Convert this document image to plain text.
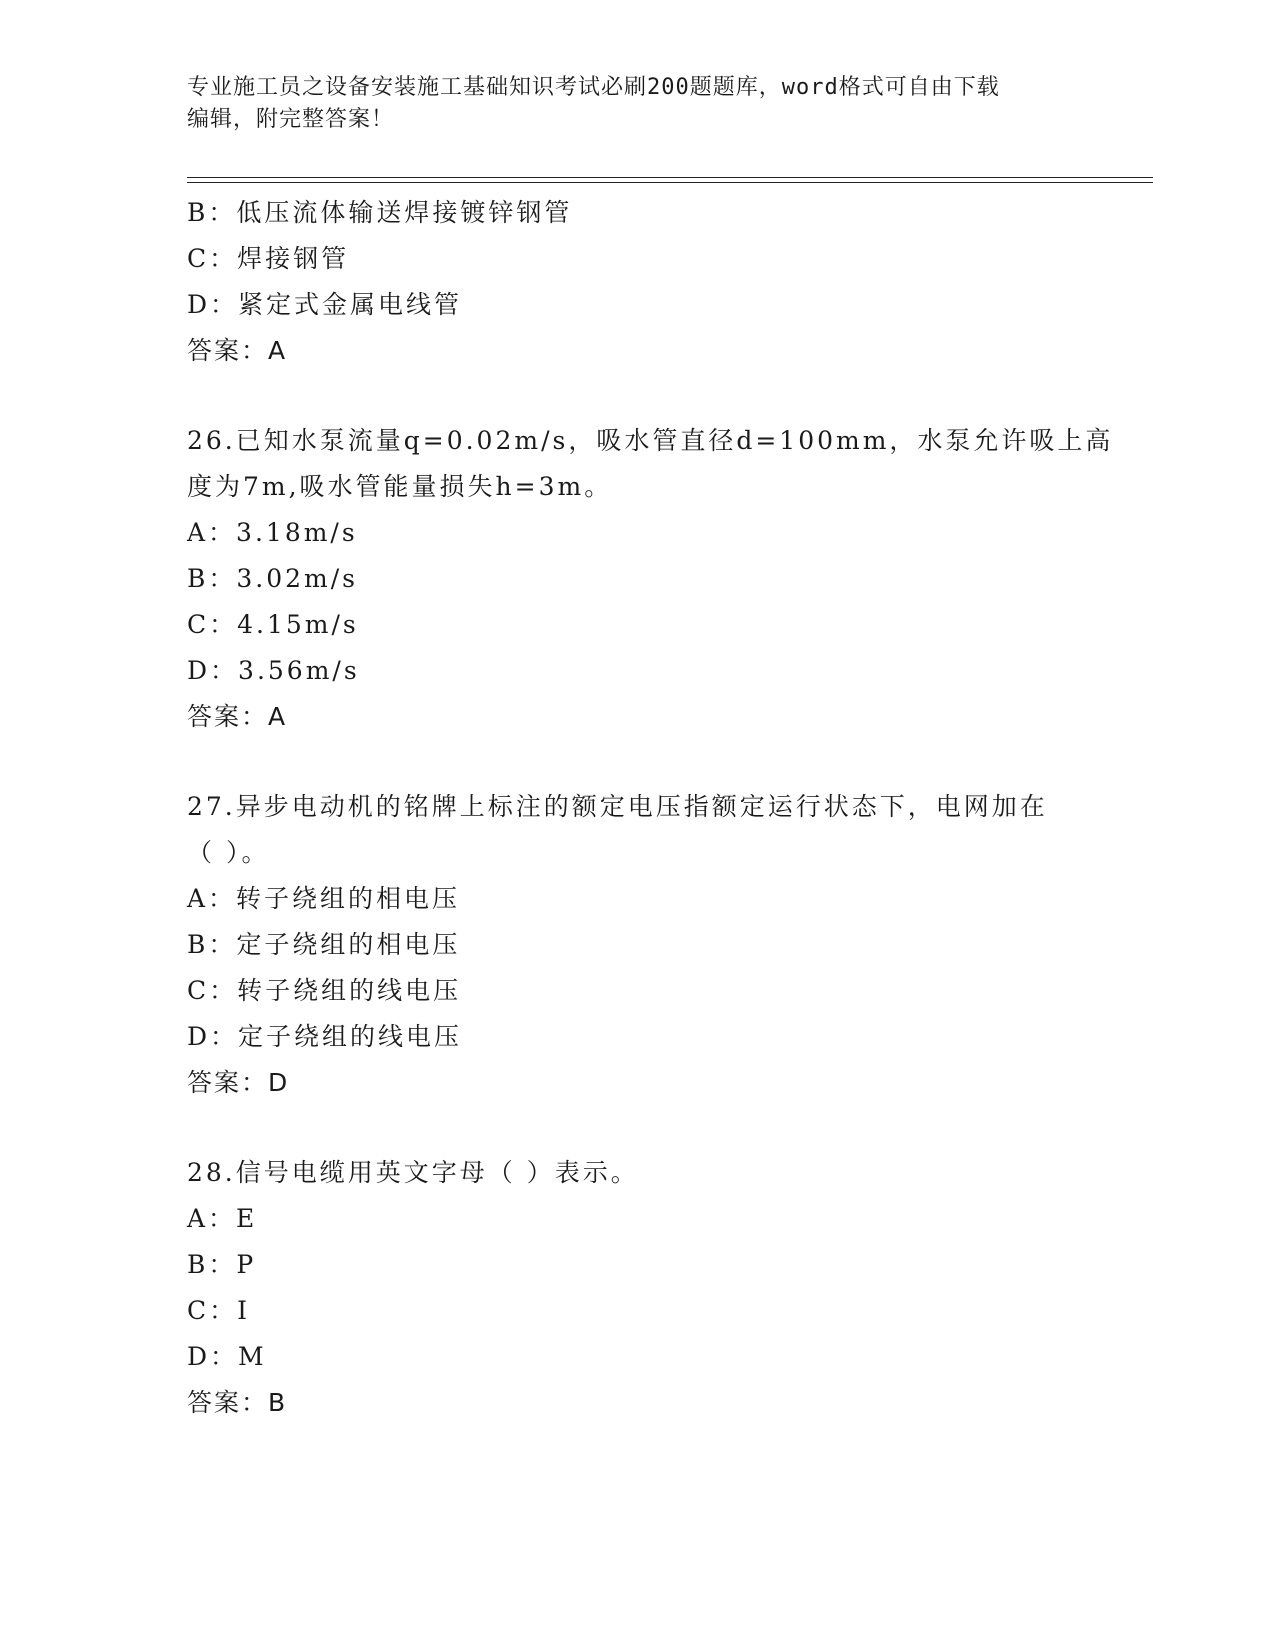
专业施工员之设备安装施工基础知识考试必刷200题题库，word格式可自由下载
编辑，附完整答案！
B：低压流体输送焊接镀锌钢管
C：焊接钢管
D：紧定式金属电线管
答案：A
26.已知水泵流量q=0.02m/s，吸水管直径d=100mm，水泵允许吸上高
度为7m,吸水管能量损失h=3m。
A：3.18m/s
B：3.02m/s
C：4.15m/s
D：3.56m/s
答案：A
27.异步电动机的铭牌上标注的额定电压指额定运行状态下，电网加在
（ ）。
A：转子绕组的相电压
B：定子绕组的相电压
C：转子绕组的线电压
D：定子绕组的线电压
答案：D
28.信号电缆用英文字母（ ）表示。
A：E
B：P
C：I
D：M
答案：B
